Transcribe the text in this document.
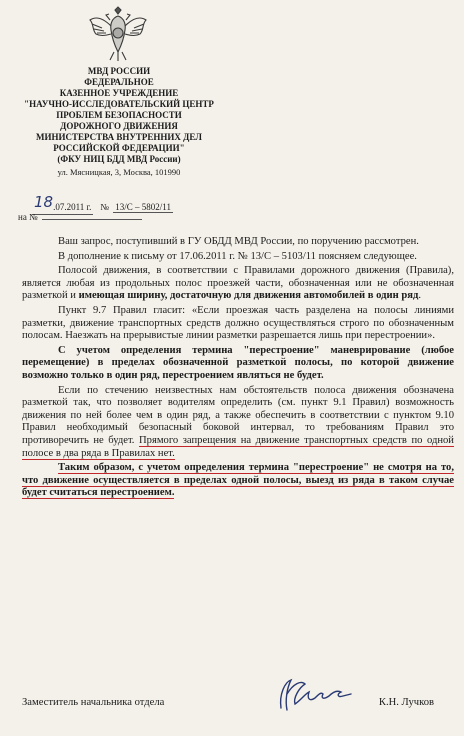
МВД РОССИИ
ФЕДЕРАЛЬНОЕ
КАЗЕННОЕ УЧРЕЖДЕНИЕ
"НАУЧНО-ИССЛЕДОВАТЕЛЬСКИЙ ЦЕНТР
ПРОБЛЕМ БЕЗОПАСНОСТИ
ДОРОЖНОГО ДВИЖЕНИЯ
МИНИСТЕРСТВА ВНУТРЕННИХ ДЕЛ
РОССИЙСКОЙ ФЕДЕРАЦИИ"
(ФКУ НИЦ БДД МВД России)
ул. Мясницкая, 3, Москва, 101990
18.07.2011 г. № 13/С – 5802/11
на №

Ваш запрос, поступивший в ГУ ОБДД МВД России, по поручению рассмотрен.

В дополнение к письму от 17.06.2011 г. № 13/С – 5103/11 поясняем следующее.

Полосой движения, в соответствии с Правилами дорожного движения (Правила), является любая из продольных полос проезжей части, обозначенная или не обозначенная разметкой и имеющая ширину, достаточную для движения автомобилей в один ряд.

Пункт 9.7 Правил гласит: «Если проезжая часть разделена на полосы линиями разметки, движение транспортных средств должно осуществляться строго по обозначенным полосам. Наезжать на прерывистые линии разметки разрешается лишь при перестроении».

С учетом определения термина "перестроение" маневрирование (любое перемещение) в пределах обозначенной разметкой полосы, по которой движение возможно только в один ряд, перестроением являться не будет.

Если по стечению неизвестных нам обстоятельств полоса движения обозначена разметкой так, что позволяет водителям определить (см. пункт 9.1 Правил) возможность движения по ней более чем в один ряд, а также обеспечить в соответствии с пунктом 9.10 Правил необходимый безопасный боковой интервал, то требованиям Правил это противоречить не будет. Прямого запрещения на движение транспортных средств по одной полосе в два ряда в Правилах нет.

Таким образом, с учетом определения термина "перестроение" не смотря на то, что движение осуществляется в пределах одной полосы, выезд из ряда в таком случае будет считаться перестроением.

Заместитель начальника отдела	К.Н. Лучков
